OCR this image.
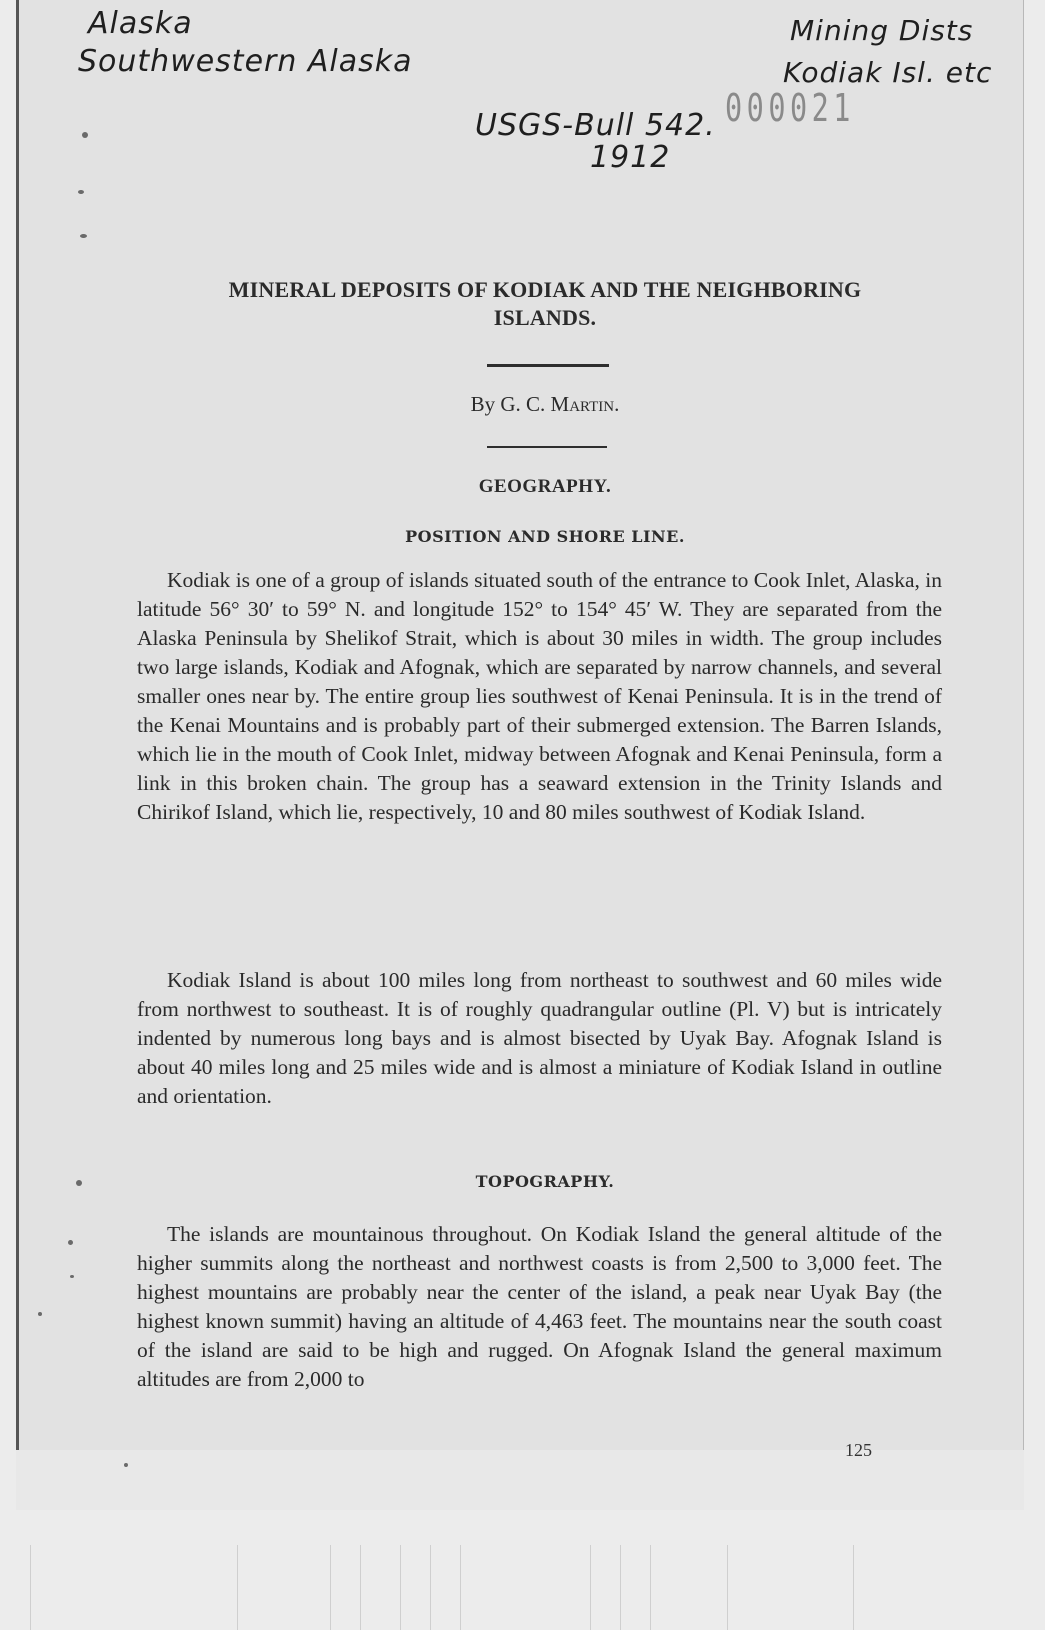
Alaska
Southwestern Alaska
Mining Dists
Kodiak Isl. etc
000021
USGS-Bull 542.
1912
MINERAL DEPOSITS OF KODIAK AND THE NEIGHBORING
ISLANDS.
By G. C. Martin.
GEOGRAPHY.
POSITION AND SHORE LINE.
Kodiak is one of a group of islands situated south of the entrance to Cook Inlet, Alaska, in latitude 56° 30′ to 59° N. and longitude 152° to 154° 45′ W. They are separated from the Alaska Peninsula by Shelikof Strait, which is about 30 miles in width. The group includes two large islands, Kodiak and Afognak, which are separated by narrow channels, and several smaller ones near by. The entire group lies southwest of Kenai Peninsula. It is in the trend of the Kenai Mountains and is probably part of their submerged extension. The Barren Islands, which lie in the mouth of Cook Inlet, midway between Afognak and Kenai Peninsula, form a link in this broken chain. The group has a seaward extension in the Trinity Islands and Chirikof Island, which lie, respectively, 10 and 80 miles southwest of Kodiak Island.
Kodiak Island is about 100 miles long from northeast to southwest and 60 miles wide from northwest to southeast. It is of roughly quadrangular outline (Pl. V) but is intricately indented by numerous long bays and is almost bisected by Uyak Bay. Afognak Island is about 40 miles long and 25 miles wide and is almost a miniature of Kodiak Island in outline and orientation.
TOPOGRAPHY.
The islands are mountainous throughout. On Kodiak Island the general altitude of the higher summits along the northeast and northwest coasts is from 2,500 to 3,000 feet. The highest mountains are probably near the center of the island, a peak near Uyak Bay (the highest known summit) having an altitude of 4,463 feet. The mountains near the south coast of the island are said to be high and rugged. On Afognak Island the general maximum altitudes are from 2,000 to
125
